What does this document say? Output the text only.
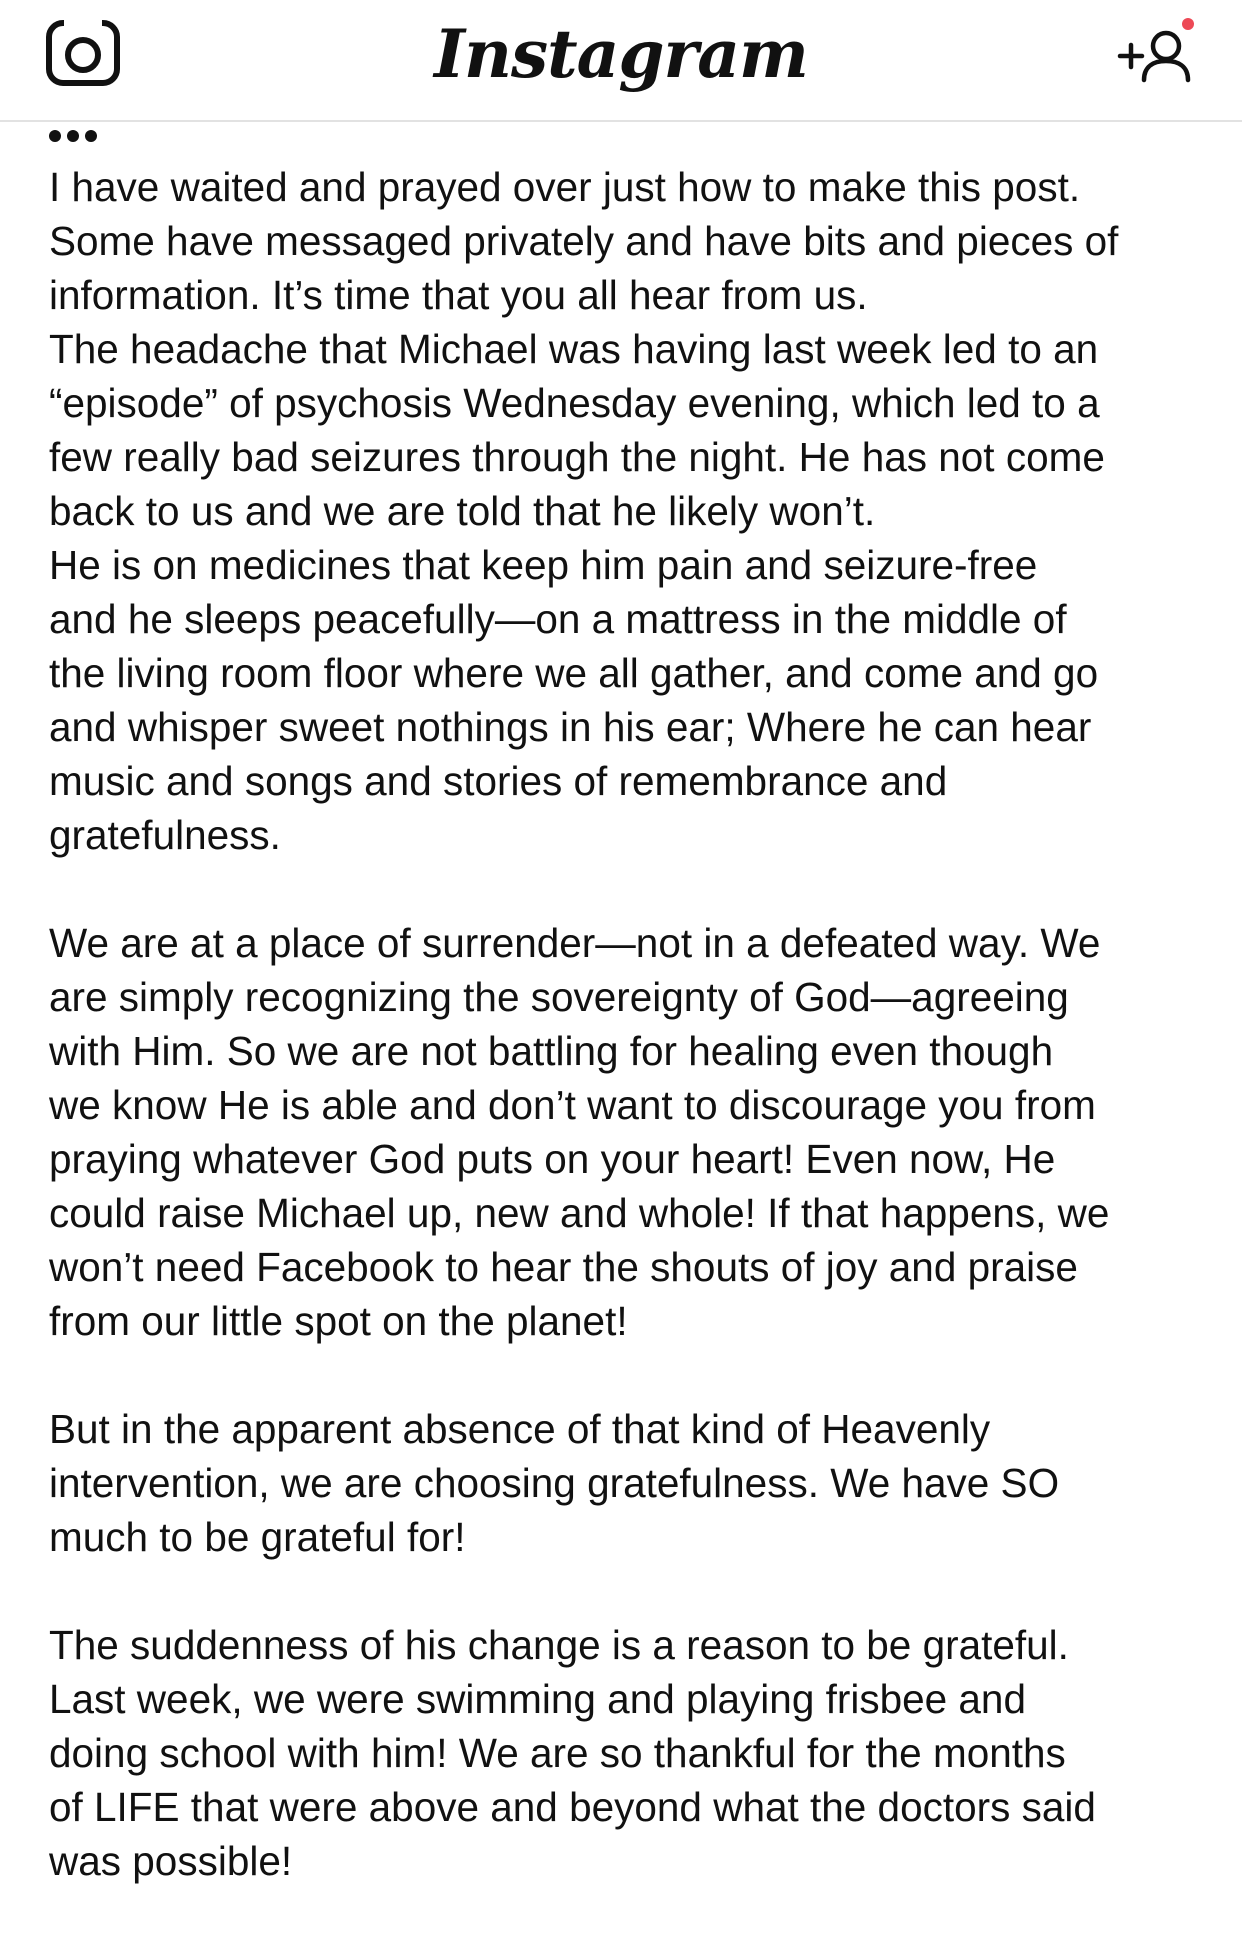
Instagram

I have waited and prayed over just how to make this post.
Some have messaged privately and have bits and pieces of
information. It’s time that you all hear from us.
The headache that Michael was having last week led to an
“episode” of psychosis Wednesday evening, which led to a
few really bad seizures through the night. He has not come
back to us and we are told that he likely won’t.
He is on medicines that keep him pain and seizure-free
and he sleeps peacefully—on a mattress in the middle of
the living room floor where we all gather, and come and go
and whisper sweet nothings in his ear; Where he can hear
music and songs and stories of remembrance and
gratefulness.

We are at a place of surrender—not in a defeated way. We
are simply recognizing the sovereignty of God—agreeing
with Him. So we are not battling for healing even though
we know He is able and don’t want to discourage you from
praying whatever God puts on your heart! Even now, He
could raise Michael up, new and whole! If that happens, we
won’t need Facebook to hear the shouts of joy and praise
from our little spot on the planet!

But in the apparent absence of that kind of Heavenly
intervention, we are choosing gratefulness. We have SO
much to be grateful for!

The suddenness of his change is a reason to be grateful.
Last week, we were swimming and playing frisbee and
doing school with him! We are so thankful for the months
of LIFE that were above and beyond what the doctors said
was possible!
